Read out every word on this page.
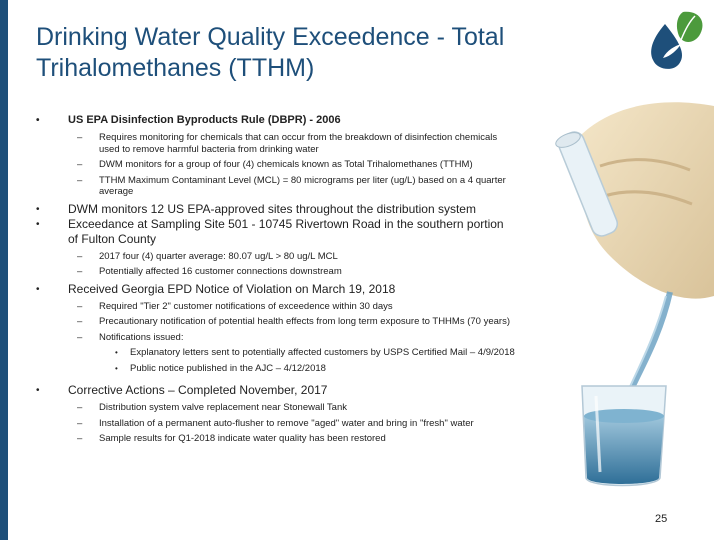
Drinking Water Quality Exceedence - Total
Trihalomethanes (TTHM)
•	US EPA Disinfection Byproducts Rule (DBPR) - 2006
– Requires monitoring for chemicals that can occur from the breakdown of disinfection chemicals used to remove harmful bacteria from drinking water
– DWM monitors for a group of four (4) chemicals known as Total Trihalomethanes (TTHM)
– TTHM Maximum Contaminant Level (MCL) = 80 micrograms per liter (ug/L) based on a 4 quarter average
• DWM monitors 12 US EPA-approved sites throughout the distribution system
• Exceedance at Sampling Site 501 - 10745 Rivertown Road in the southern portion of Fulton County
– 2017 four (4) quarter average: 80.07 ug/L > 80 ug/L MCL
– Potentially affected 16 customer connections downstream
• Received Georgia EPD Notice of Violation on March 19, 2018
– Required "Tier 2" customer notifications of exceedence within 30 days
– Precautionary notification of potential health effects from long term exposure to THHMs (70 years)
– Notifications issued:
• Explanatory letters sent to potentially affected customers by USPS Certified Mail – 4/9/2018
• Public notice published in the AJC – 4/12/2018
• Corrective Actions – Completed November, 2017
– Distribution system valve replacement near Stonewall Tank
– Installation of a permanent auto-flusher to remove "aged" water and bring in "fresh" water
– Sample results for Q1-2018 indicate water quality has been restored
25
